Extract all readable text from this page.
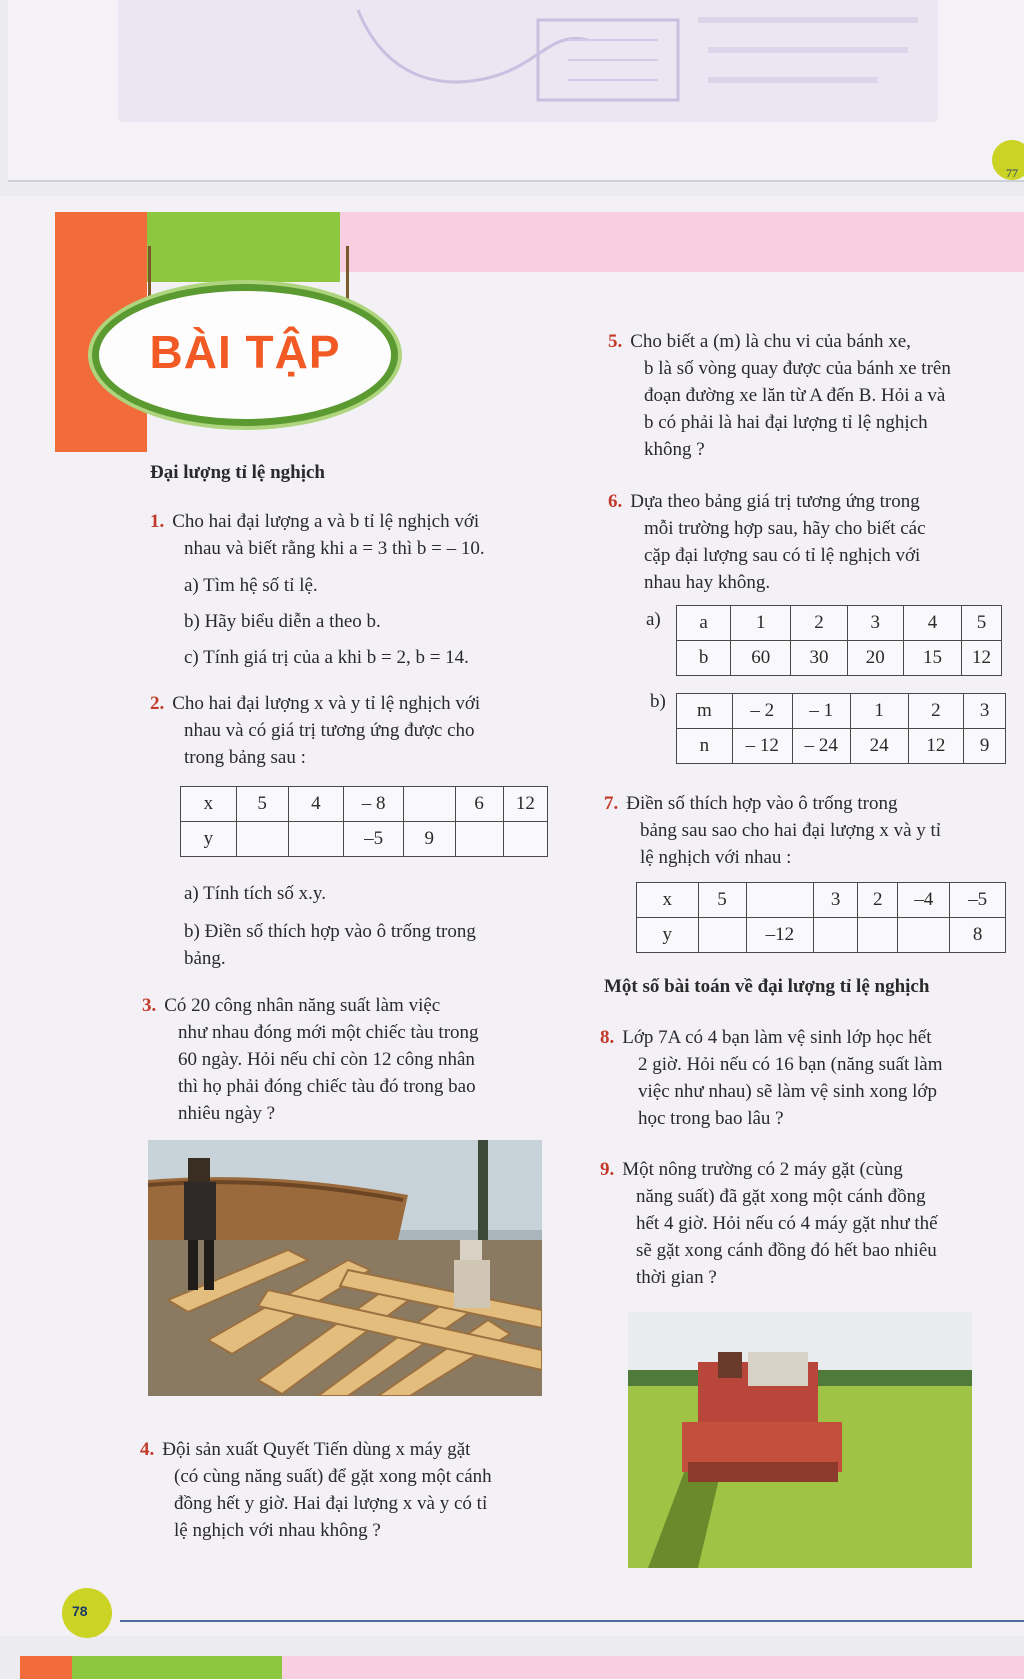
77
BÀI TẬP
Đại lượng tỉ lệ nghịch
1. Cho hai đại lượng a và b tỉ lệ nghịch với
nhau và biết rằng khi a = 3 thì b = – 10.
a) Tìm hệ số tỉ lệ.
b) Hãy biểu diễn a theo b.
c) Tính giá trị của a khi b = 2, b = 14.
2. Cho hai đại lượng x và y tỉ lệ nghịch với
nhau và có giá trị tương ứng được cho
trong bảng sau :
x	5	4	– 8		6	12
y			–5	9		
a) Tính tích số x.y.
b) Điền số thích hợp vào ô trống trong
bảng.
3. Có 20 công nhân năng suất làm việc
như nhau đóng mới một chiếc tàu trong
60 ngày. Hỏi nếu chỉ còn 12 công nhân
thì họ phải đóng chiếc tàu đó trong bao
nhiêu ngày ?
4. Đội sản xuất Quyết Tiến dùng x máy gặt
(có cùng năng suất) để gặt xong một cánh
đồng hết y giờ. Hai đại lượng x và y có tỉ
lệ nghịch với nhau không ?
5. Cho biết a (m) là chu vi của bánh xe,
b là số vòng quay được của bánh xe trên
đoạn đường xe lăn từ A đến B. Hỏi a và
b có phải là hai đại lượng tỉ lệ nghịch
không ?
6. Dựa theo bảng giá trị tương ứng trong
mỗi trường hợp sau, hãy cho biết các
cặp đại lượng sau có tỉ lệ nghịch với
nhau hay không.
a) a	1	2	3	4	5
b	60	30	20	15	12
b) m	– 2	– 1	1	2	3
n	– 12	– 24	24	12	9
7. Điền số thích hợp vào ô trống trong
bảng sau sao cho hai đại lượng x và y tỉ
lệ nghịch với nhau :
x	5		3	2	–4	–5
y		–12				8
Một số bài toán về đại lượng tỉ lệ nghịch
8. Lớp 7A có 4 bạn làm vệ sinh lớp học hết
2 giờ. Hỏi nếu có 16 bạn (năng suất làm
việc như nhau) sẽ làm vệ sinh xong lớp
học trong bao lâu ?
9. Một nông trường có 2 máy gặt (cùng
năng suất) đã gặt xong một cánh đồng
hết 4 giờ. Hỏi nếu có 4 máy gặt như thế
sẽ gặt xong cánh đồng đó hết bao nhiêu
thời gian ?
78
